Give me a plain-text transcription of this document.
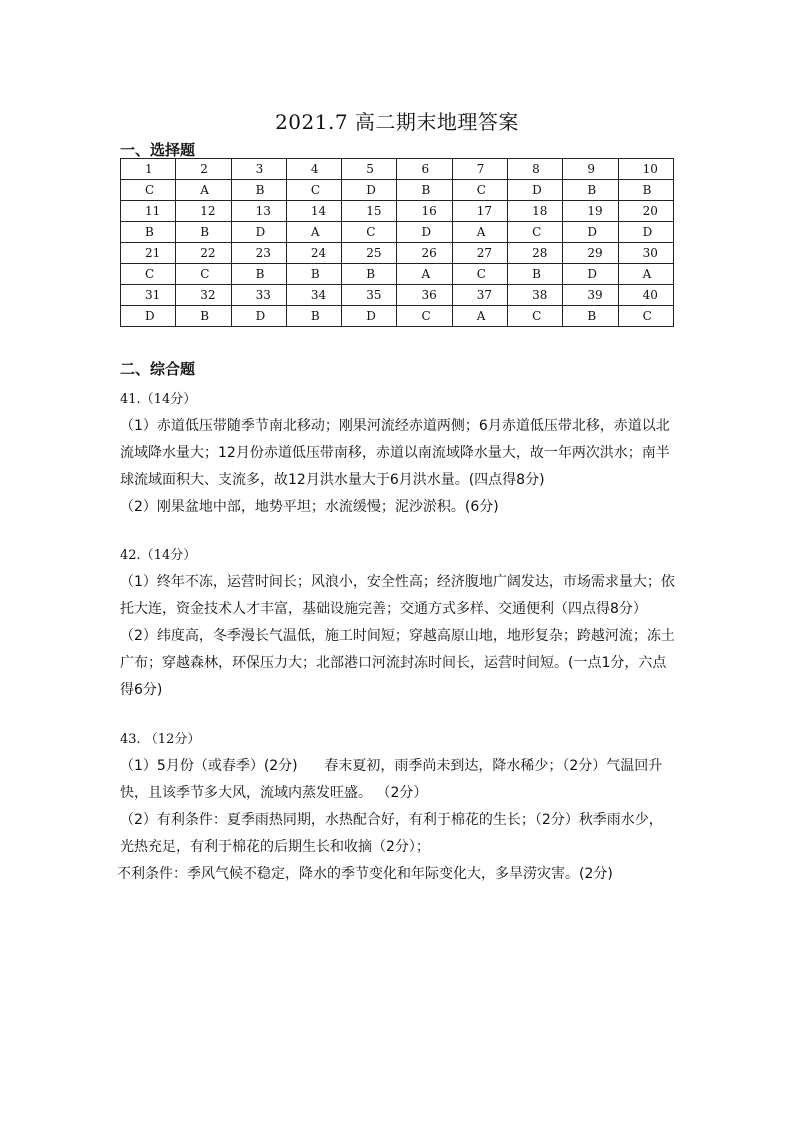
2021.7 高二期末地理答案
一、选择题
1	2	3	4	5	6	7	8	9	10
C	A	B	C	D	B	C	D	B	B
11	12	13	14	15	16	17	18	19	20
B	B	D	A	C	D	A	C	D	D
21	22	23	24	25	26	27	28	29	30
C	C	B	B	B	A	C	B	D	A
31	32	33	34	35	36	37	38	39	40
D	B	D	B	D	C	A	C	B	C
二、综合题

41.（14分）

（1）赤道低压带随季节南北移动；刚果河流经赤道两侧；6月赤道低压带北移，赤道以北

流域降水量大；12月份赤道低压带南移，赤道以南流域降水量大，故一年两次洪水；南半

球流域面积大、支流多，故12月洪水量大于6月洪水量。(四点得8分)

（2）刚果盆地中部，地势平坦；水流缓慢；泥沙淤积。(6分)

42.（14分）

（1）终年不冻，运营时间长；风浪小，安全性高；经济腹地广阔发达，市场需求量大；依

托大连，资金技术人才丰富，基础设施完善；交通方式多样、交通便利（四点得8分）

（2）纬度高，冬季漫长气温低，施工时间短；穿越高原山地，地形复杂；跨越河流；冻土

广布；穿越森林，环保压力大；北部港口河流封冻时间长，运营时间短。(一点1分，六点

得6分)

43. （12分）

（1）5月份（或春季）(2分)      春末夏初，雨季尚未到达，降水稀少；（2分）气温回升

快，且该季节多大风，流域内蒸发旺盛。 （2分）

（2）有利条件：夏季雨热同期，水热配合好，有利于棉花的生长；（2分）秋季雨水少，

光热充足，有利于棉花的后期生长和收摘（2分）；

不利条件：季风气候不稳定，降水的季节变化和年际变化大，多旱涝灾害。(2分)
